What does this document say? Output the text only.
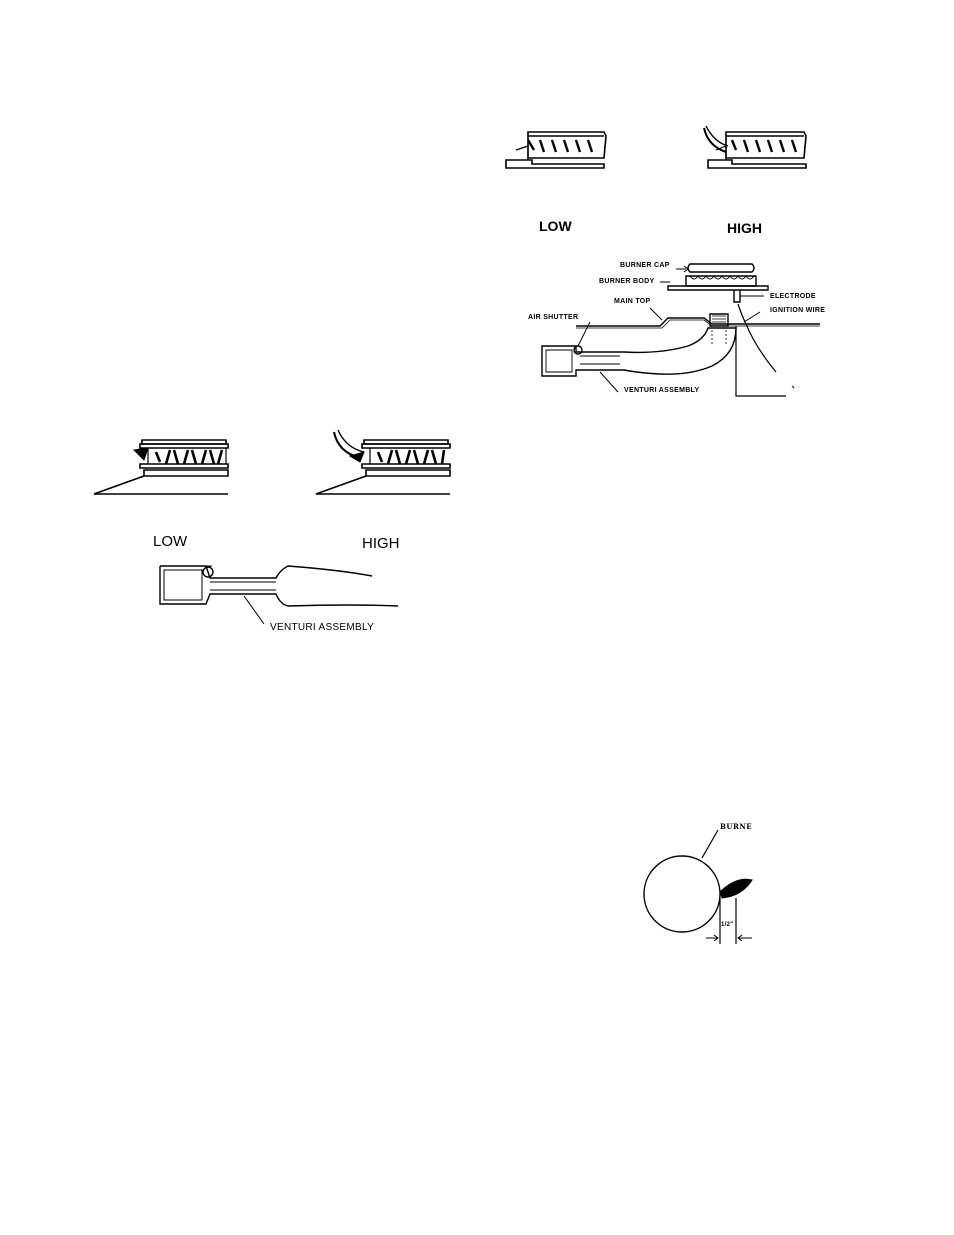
LOW	HIGH
BURNER CAP
BURNER BODY
ELECTRODE
MAIN TOP
IGNITION WIRE
AIR SHUTTER
VENTURI ASSEMBLY
LOW	HIGH
VENTURI ASSEMBLY
BURNE
1/2"
